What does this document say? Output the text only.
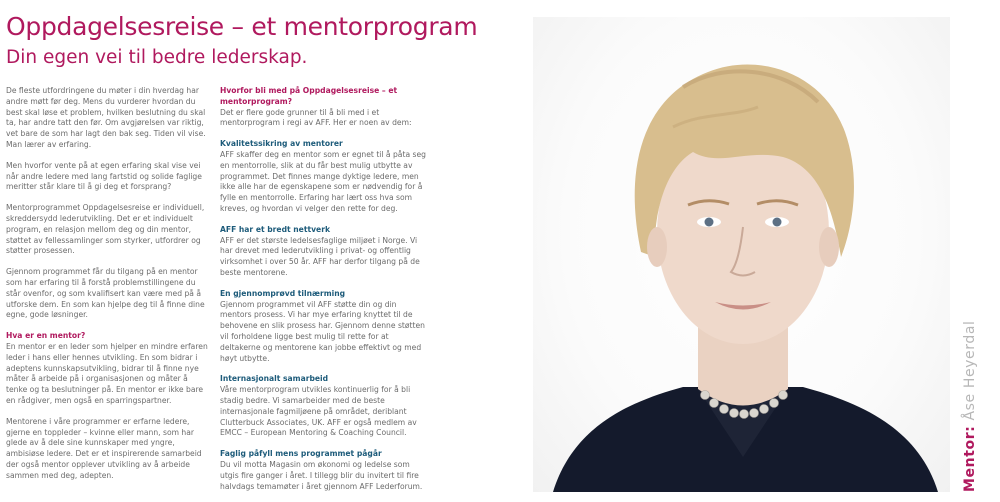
Oppdagelsesreise – et mentorprogram
Din egen vei til bedre lederskap.

De fleste utfordringene du møter i din hverdag har andre møtt før deg. Mens du vurderer hvordan du best skal løse et problem, hvilken beslutning du skal ta, har andre tatt den før. Om avgjørelsen var riktig, vet bare de som har lagt den bak seg. Tiden vil vise. Man lærer av erfaring.

Men hvorfor vente på at egen erfaring skal vise vei når andre ledere med lang fartstid og solide faglige meritter står klare til å gi deg et forsprang?

Mentorprogrammet Oppdagelsesreise er individuell, skreddersydd lederutvikling. Det er et individuelt program, en relasjon mellom deg og din mentor, støttet av fellessamlinger som styrker, utfordrer og støtter prosessen.

Gjennom programmet får du tilgang på en mentor som har erfaring til å forstå problemstillingene du står ovenfor, og som kvalifisert kan være med på å utforske dem. En som kan hjelpe deg til å finne dine egne, gode løsninger.

Hva er en mentor?

En mentor er en leder som hjelper en mindre erfaren leder i hans eller hennes utvikling. En som bidrar i adeptens kunnskapsutvikling, bidrar til å finne nye måter å arbeide på i organisasjonen og måter å tenke og ta beslutninger på. En mentor er ikke bare en rådgiver, men også en sparringspartner.

Mentorene i våre programmer er erfarne ledere, gjerne en toppleder – kvinne eller mann, som har glede av å dele sine kunnskaper med yngre, ambisiøse ledere. Det er et inspirerende samarbeid der også mentor opplever utvikling av å arbeide sammen med deg, adepten.

Hvorfor bli med på Oppdagelsesreise – et mentorprogram?
Det er flere gode grunner til å bli med i et mentorprogram i regi av AFF. Her er noen av dem:
Kvalitetssikring av mentorer
AFF skaffer deg en mentor som er egnet til å påta seg en mentorrolle, slik at du får best mulig utbytte av programmet. Det finnes mange dyktige ledere, men ikke alle har de egenskapene som er nødvendig for å fylle en mentorrolle. Erfaring har lært oss hva som kreves, og hvordan vi velger den rette for deg.
AFF har et bredt nettverk
AFF er det største ledelsesfaglige miljøet i Norge. Vi har drevet med lederutvikling i privat- og offentlig virksomhet i over 50 år. AFF har derfor tilgang på de beste mentorene.
En gjennomprøvd tilnærming
Gjennom programmet vil AFF støtte din og din mentors prosess. Vi har mye erfaring knyttet til de behovene en slik prosess har. Gjennom denne støtten vil forholdene ligge best mulig til rette for at deltakerne og mentorene kan jobbe effektivt og med høyt utbytte.
Internasjonalt samarbeid
Våre mentorprogram utvikles kontinuerlig for å bli stadig bedre. Vi samarbeider med de beste internasjonale fagmiljøene på området, deriblant Clutterbuck Associates, UK. AFF er også medlem av EMCC – European Mentoring & Coaching Council.
Faglig påfyll mens programmet pågår
Du vil motta Magasin om økonomi og ledelse som utgis fire ganger i året. I tillegg blir du invitert til fire halvdags temamøter i året gjennom AFF Lederforum.	Mentor: Åse Heyerdal
